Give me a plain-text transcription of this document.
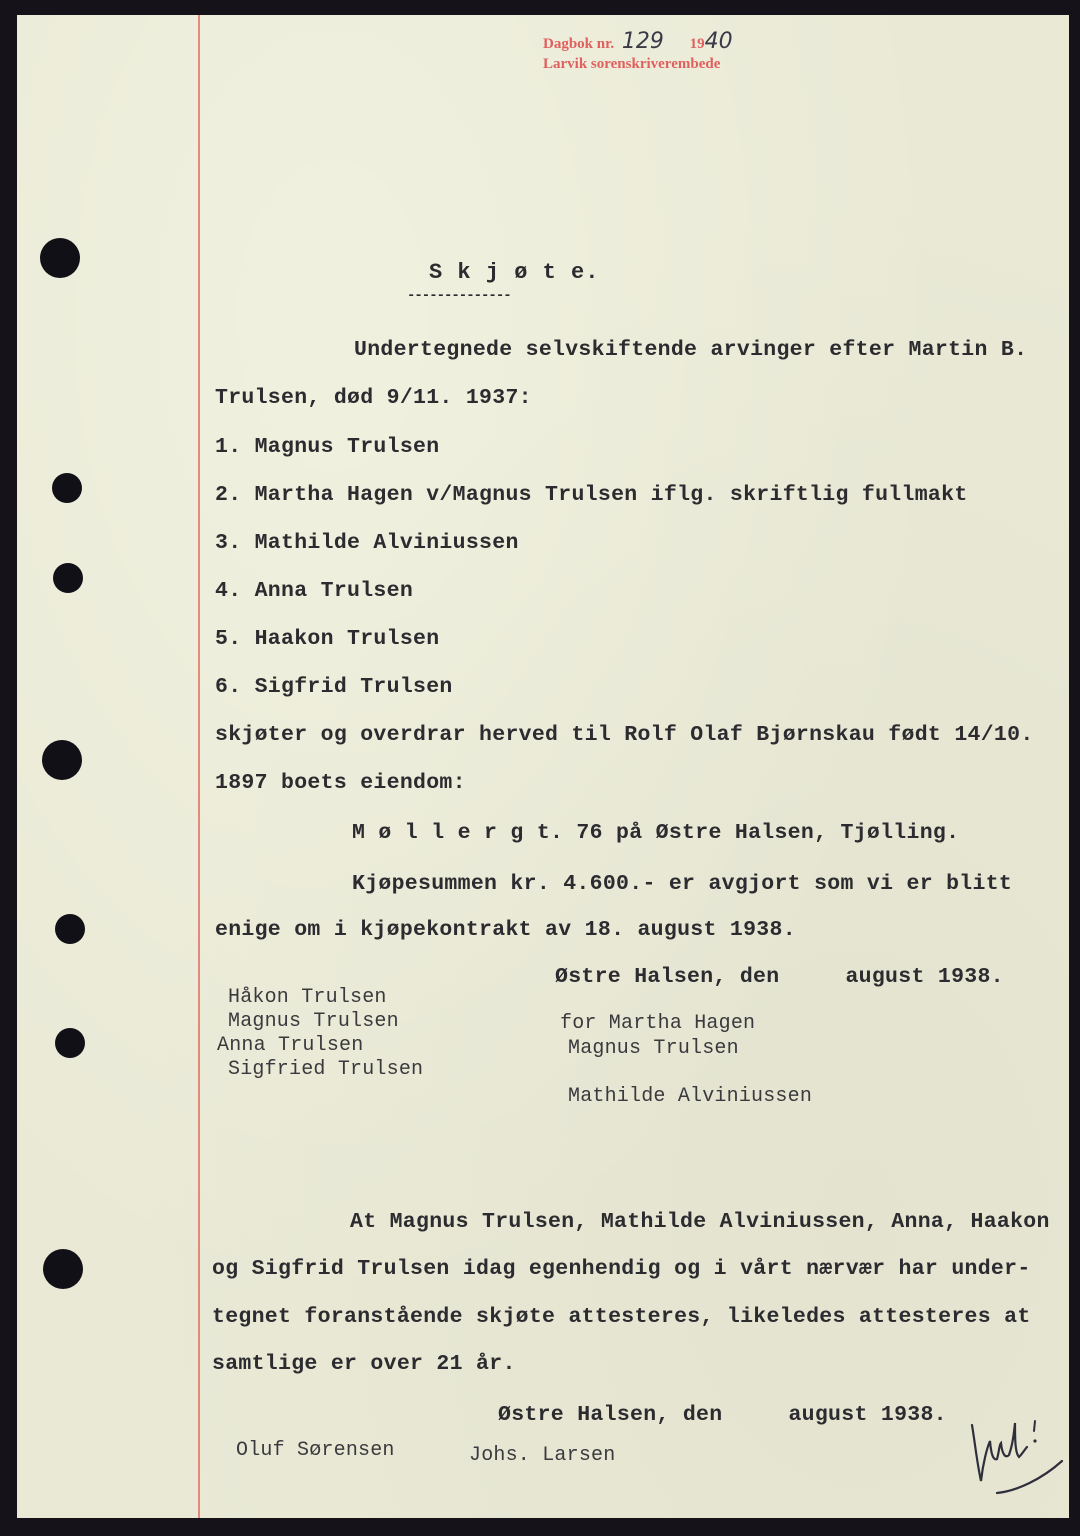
Dagbok nr. 129 1940
Larvik sorenskriverembede
S k j ø t e.
--------------
Undertegnede selvskiftende arvinger efter Martin B.
Trulsen, død 9/11. 1937:
1. Magnus Trulsen
2. Martha Hagen v/Magnus Trulsen iflg. skriftlig fullmakt
3. Mathilde Alviniussen
4. Anna Trulsen
5. Haakon Trulsen
6. Sigfrid Trulsen
skjøter og overdrar herved til Rolf Olaf Bjørnskau født 14/10.
1897 boets eiendom:
M ø l l e r g t. 76 på Østre Halsen, Tjølling.
Kjøpesummen kr. 4.600.- er avgjort som vi er blitt
enige om i kjøpekontrakt av 18. august 1938.
Østre Halsen, den     august 1938.
Håkon Trulsen
Magnus Trulsen
Anna Trulsen
Sigfried Trulsen
for Martha Hagen
Magnus Trulsen
Mathilde Alviniussen
At Magnus Trulsen, Mathilde Alviniussen, Anna, Haakon
og Sigfrid Trulsen idag egenhendig og i vårt nærvær har under-
tegnet foranstående skjøte attesteres, likeledes attesteres at
samtlige er over 21 år.
Østre Halsen, den     august 1938.
Oluf Sørensen	Johs. Larsen
